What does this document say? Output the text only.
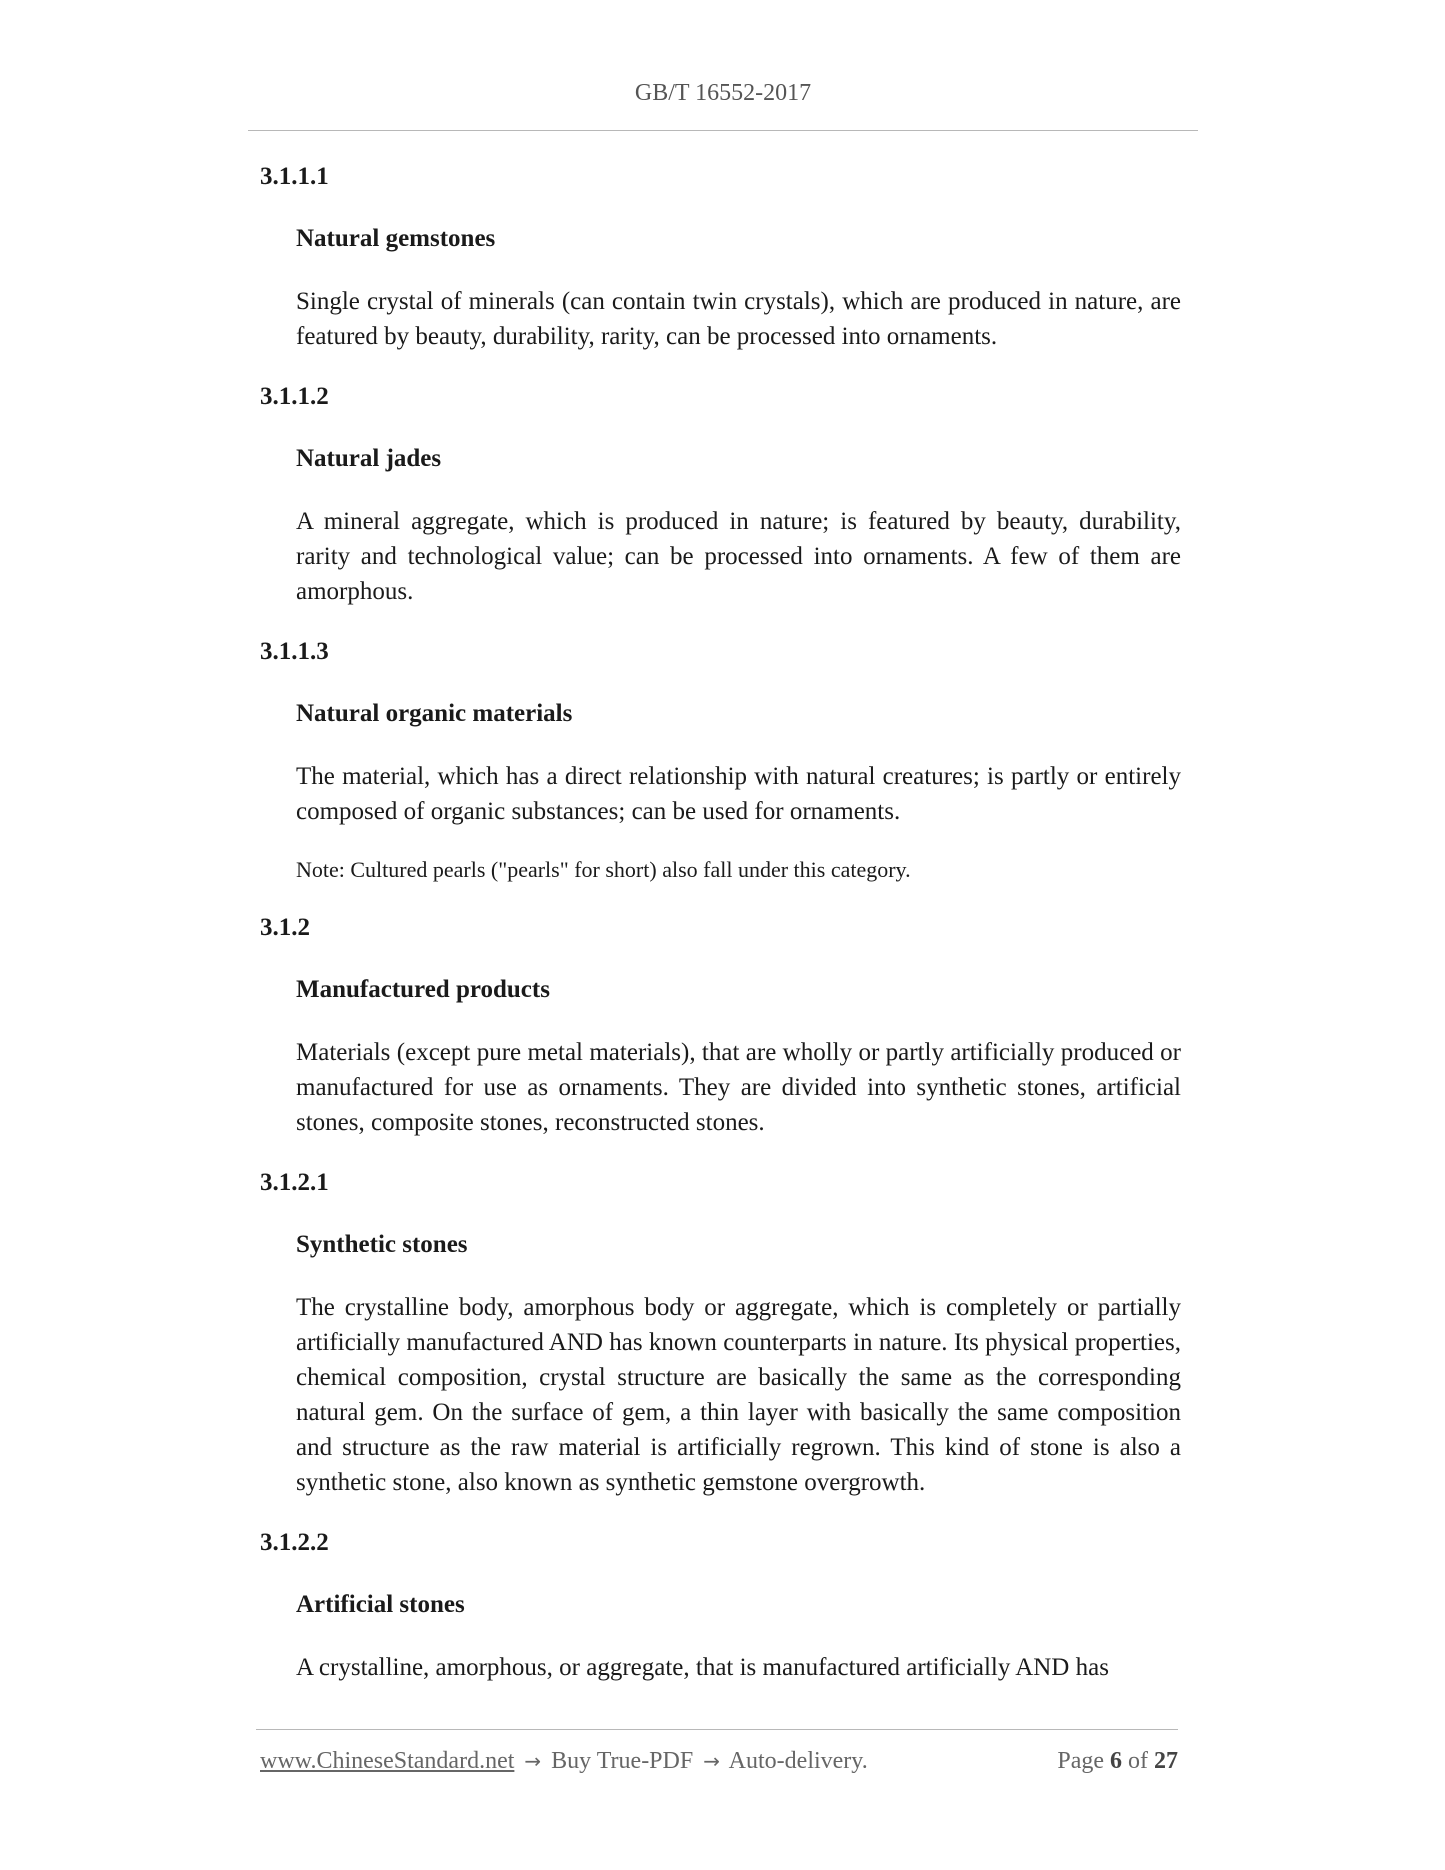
GB/T 16552-2017
3.1.1.1
Natural gemstones
Single crystal of minerals (can contain twin crystals), which are produced in nature, are featured by beauty, durability, rarity, can be processed into ornaments.
3.1.1.2
Natural jades
A mineral aggregate, which is produced in nature; is featured by beauty, durability, rarity and technological value; can be processed into ornaments. A few of them are amorphous.
3.1.1.3
Natural organic materials
The material, which has a direct relationship with natural creatures; is partly or entirely composed of organic substances; can be used for ornaments.
Note: Cultured pearls ("pearls" for short) also fall under this category.
3.1.2
Manufactured products
Materials (except pure metal materials), that are wholly or partly artificially produced or manufactured for use as ornaments. They are divided into synthetic stones, artificial stones, composite stones, reconstructed stones.
3.1.2.1
Synthetic stones
The crystalline body, amorphous body or aggregate, which is completely or partially artificially manufactured AND has known counterparts in nature. Its physical properties, chemical composition, crystal structure are basically the same as the corresponding natural gem. On the surface of gem, a thin layer with basically the same composition and structure as the raw material is artificially regrown. This kind of stone is also a synthetic stone, also known as synthetic gemstone overgrowth.
3.1.2.2
Artificial stones
A crystalline, amorphous, or aggregate, that is manufactured artificially AND has
www.ChineseStandard.net → Buy True-PDF → Auto-delivery.	Page 6 of 27
